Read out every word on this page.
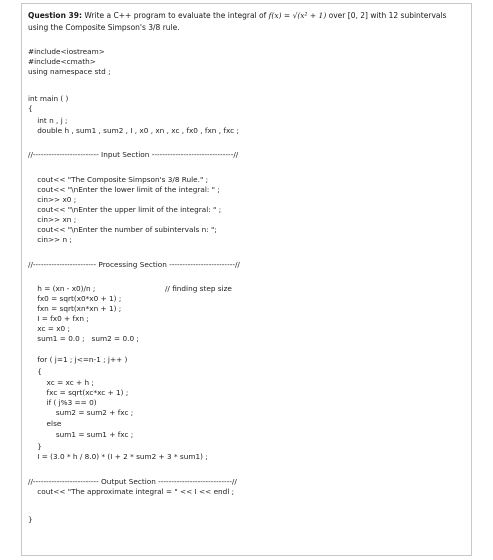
Question 39: Write a C++ program to evaluate the integral of f(x) = √(x² + 1) over [0, 2] with 12 subintervals using the Composite Simpson's 3/8 rule.

#include<iostream>

#include<cmath>

using namespace std ;

int main ( )

{

int n , j ;

double h , sum1 , sum2 , I , x0 , xn , xc , fx0 , fxn , fxc ;

//------------------------- Input Section -------------------------------//

cout<< "The Composite Simpson's 3/8 Rule." ;

cout<< "\nEnter the lower limit of the integral: " ;

cin>> x0 ;

cout<< "\nEnter the upper limit of the integral: " ;

cin>> xn ;

cout<< "\nEnter the number of subintervals n: ";

cin>> n ;

//------------------------ Processing Section -------------------------//

h = (xn - x0)/n ;                              // finding step size

fx0 = sqrt(x0*x0 + 1) ;

fxn = sqrt(xn*xn + 1) ;

I = fx0 + fxn ;

xc = x0 ;

sum1 = 0.0 ;   sum2 = 0.0 ;

for ( j=1 ; j<=n-1 ; j++ )

{

xc = xc + h ;

fxc = sqrt(xc*xc + 1) ;

if ( j%3 == 0)

sum2 = sum2 + fxc ;

else

sum1 = sum1 + fxc ;

}

I = (3.0 * h / 8.0) * (I + 2 * sum2 + 3 * sum1) ;

//------------------------- Output Section ----------------------------//

cout<< "The approximate integral = " << I << endl ;

}
